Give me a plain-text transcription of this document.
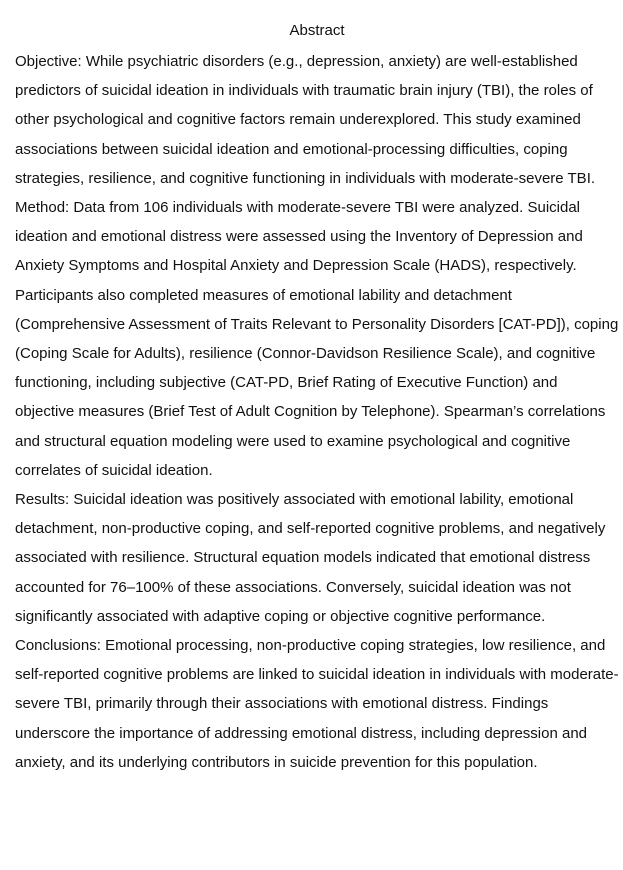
Abstract

Objective: While psychiatric disorders (e.g., depression, anxiety) are well-established predictors of suicidal ideation in individuals with traumatic brain injury (TBI), the roles of other psychological and cognitive factors remain underexplored. This study examined associations between suicidal ideation and emotional-processing difficulties, coping strategies, resilience, and cognitive functioning in individuals with moderate-severe TBI.

Method: Data from 106 individuals with moderate-severe TBI were analyzed. Suicidal ideation and emotional distress were assessed using the Inventory of Depression and Anxiety Symptoms and Hospital Anxiety and Depression Scale (HADS), respectively. Participants also completed measures of emotional lability and detachment (Comprehensive Assessment of Traits Relevant to Personality Disorders [CAT-PD]), coping (Coping Scale for Adults), resilience (Connor-Davidson Resilience Scale), and cognitive functioning, including subjective (CAT-PD, Brief Rating of Executive Function) and objective measures (Brief Test of Adult Cognition by Telephone). Spearman’s correlations and structural equation modeling were used to examine psychological and cognitive correlates of suicidal ideation.

Results: Suicidal ideation was positively associated with emotional lability, emotional detachment, non-productive coping, and self-reported cognitive problems, and negatively associated with resilience. Structural equation models indicated that emotional distress accounted for 76–100% of these associations. Conversely, suicidal ideation was not significantly associated with adaptive coping or objective cognitive performance.

Conclusions: Emotional processing, non-productive coping strategies, low resilience, and self-reported cognitive problems are linked to suicidal ideation in individuals with moderate-severe TBI, primarily through their associations with emotional distress. Findings underscore the importance of addressing emotional distress, including depression and anxiety, and its underlying contributors in suicide prevention for this population.
